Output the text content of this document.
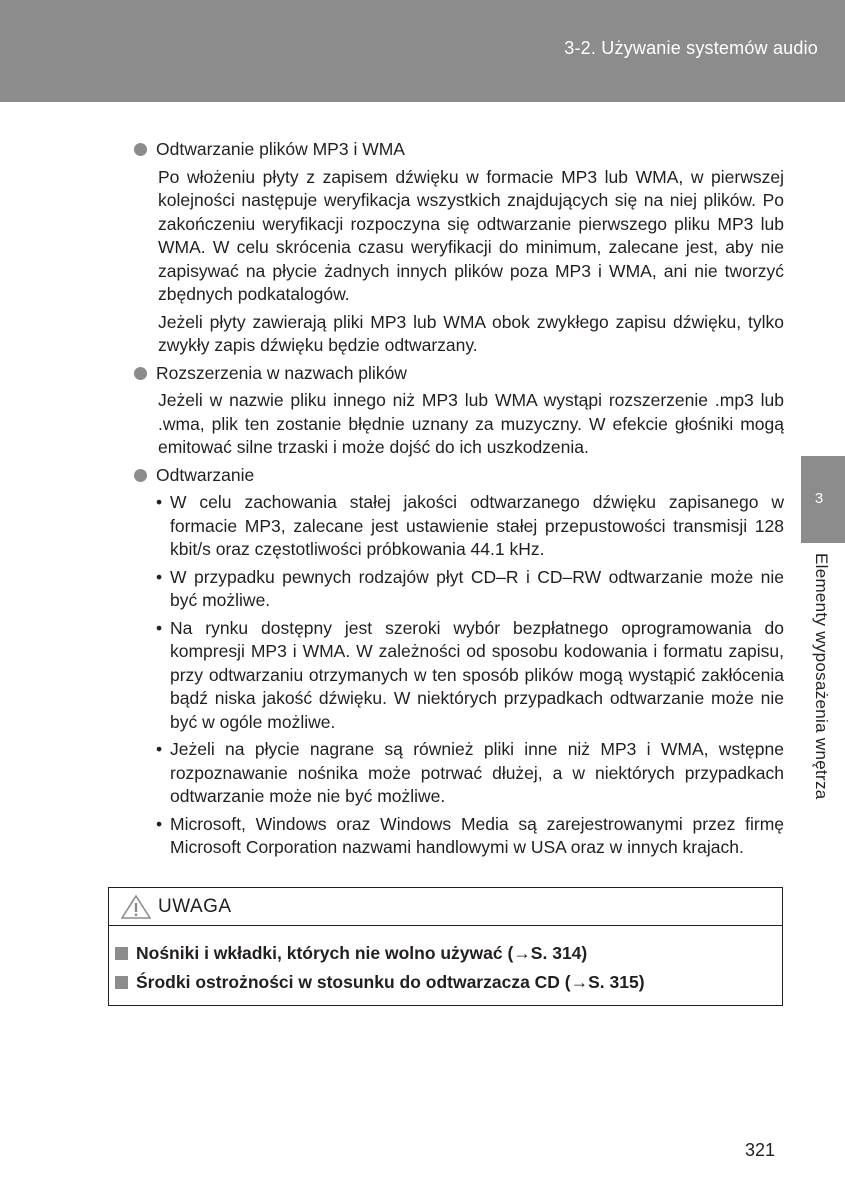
3-2. Używanie systemów audio
3
Elementy wyposażenia wnętrza

Odtwarzanie plików MP3 i WMA

Po włożeniu płyty z zapisem dźwięku w formacie MP3 lub WMA, w pierwszej kolejności następuje weryfikacja wszystkich znajdujących się na niej plików. Po zakończeniu weryfikacji rozpoczyna się odtwarzanie pierwszego pliku MP3 lub WMA. W celu skrócenia czasu weryfikacji do minimum, zalecane jest, aby nie zapisywać na płycie żadnych innych plików poza MP3 i WMA, ani nie tworzyć zbędnych podkatalogów.

Jeżeli płyty zawierają pliki MP3 lub WMA obok zwykłego zapisu dźwięku, tylko zwykły zapis dźwięku będzie odtwarzany.

Rozszerzenia w nazwach plików

Jeżeli w nazwie pliku innego niż MP3 lub WMA wystąpi rozszerzenie .mp3 lub .wma, plik ten zostanie błędnie uznany za muzyczny. W efekcie głośniki mogą emitować silne trzaski i może dojść do ich uszkodzenia.

Odtwarzanie

• W celu zachowania stałej jakości odtwarzanego dźwięku zapisanego w formacie MP3, zalecane jest ustawienie stałej przepustowości transmisji 128 kbit/s oraz częstotliwości próbkowania 44.1 kHz.
• W przypadku pewnych rodzajów płyt CD–R i CD–RW odtwarzanie może nie być możliwe.
• Na rynku dostępny jest szeroki wybór bezpłatnego oprogramowania do kompresji MP3 i WMA. W zależności od sposobu kodowania i formatu zapisu, przy odtwarzaniu otrzymanych w ten sposób plików mogą wystąpić zakłócenia bądź niska jakość dźwięku. W niektórych przypadkach odtwarzanie może nie być w ogóle możliwe.
• Jeżeli na płycie nagrane są również pliki inne niż MP3 i WMA, wstępne rozpoznawanie nośnika może potrwać dłużej, a w niektórych przypadkach odtwarzanie może nie być możliwe.
• Microsoft, Windows oraz Windows Media są zarejestrowanymi przez firmę Microsoft Corporation nazwami handlowymi w USA oraz w innych krajach.
UWAGA
Nośniki i wkładki, których nie wolno używać (→S. 314)
Środki ostrożności w stosunku do odtwarzacza CD (→S. 315)
321
